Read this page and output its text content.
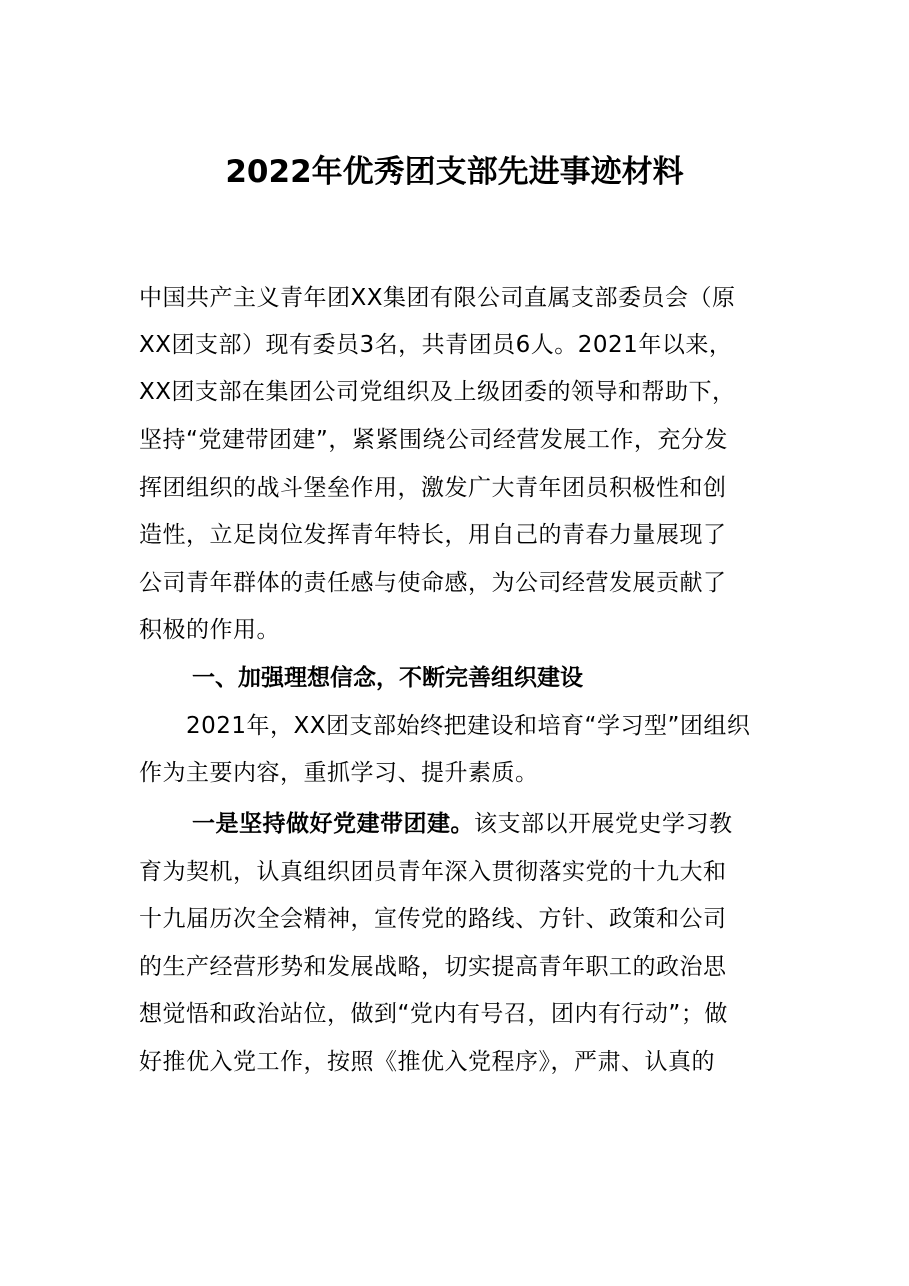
2022年优秀团支部先进事迹材料
中国共产主义青年团XX集团有限公司直属支部委员会（原
XX团支部）现有委员3名，共青团员6人。2021年以来，
XX团支部在集团公司党组织及上级团委的领导和帮助下，
坚持“党建带团建”，紧紧围绕公司经营发展工作，充分发
挥团组织的战斗堡垒作用，激发广大青年团员积极性和创
造性，立足岗位发挥青年特长，用自己的青春力量展现了
公司青年群体的责任感与使命感，为公司经营发展贡献了
积极的作用。
一、加强理想信念，不断完善组织建设
2021年，XX团支部始终把建设和培育“学习型”团组织
作为主要内容，重抓学习、提升素质。
一是坚持做好党建带团建。该支部以开展党史学习教
育为契机，认真组织团员青年深入贯彻落实党的十九大和
十九届历次全会精神，宣传党的路线、方针、政策和公司
的生产经营形势和发展战略，切实提高青年职工的政治思
想觉悟和政治站位，做到“党内有号召，团内有行动”；做
好推优入党工作，按照《推优入党程序》，严肃、认真的
